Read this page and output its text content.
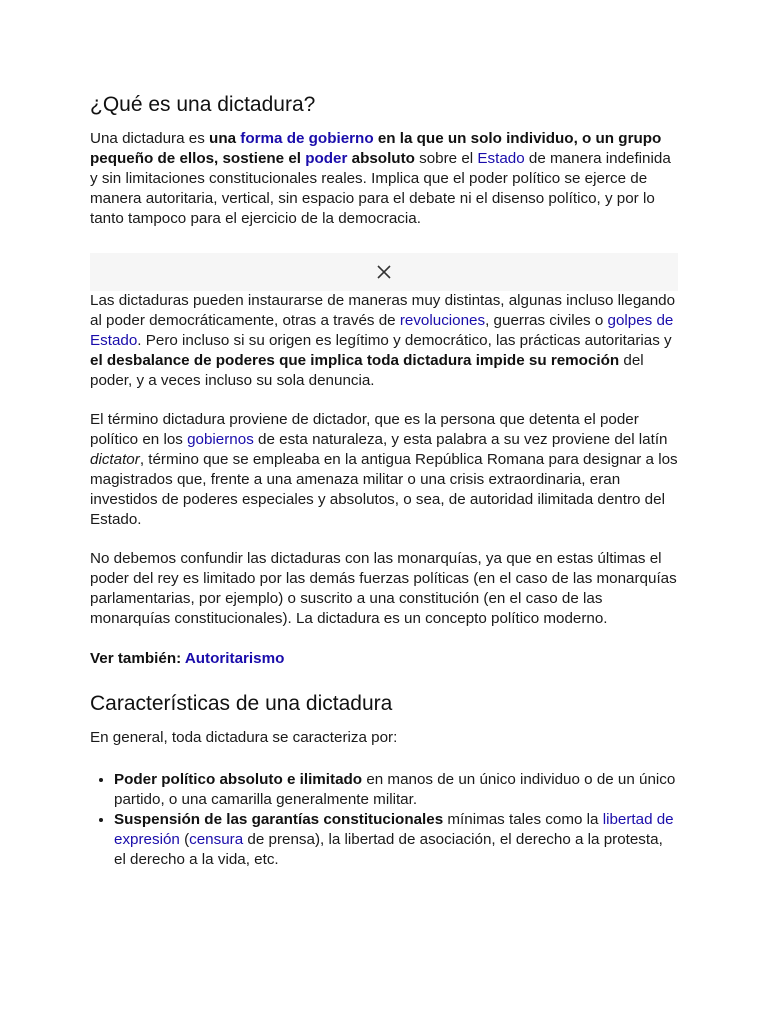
¿Qué es una dictadura?

Una dictadura es una forma de gobierno en la que un solo individuo, o un grupo pequeño de ellos, sostiene el poder absoluto sobre el Estado de manera indefinida y sin limitaciones constitucionales reales. Implica que el poder político se ejerce de manera autoritaria, vertical, sin espacio para el debate ni el disenso político, y por lo tanto tampoco para el ejercicio de la democracia.

Las dictaduras pueden instaurarse de maneras muy distintas, algunas incluso llegando al poder democráticamente, otras a través de revoluciones, guerras civiles o golpes de Estado. Pero incluso si su origen es legítimo y democrático, las prácticas autoritarias y el desbalance de poderes que implica toda dictadura impide su remoción del poder, y a veces incluso su sola denuncia.

El término dictadura proviene de dictador, que es la persona que detenta el poder político en los gobiernos de esta naturaleza, y esta palabra a su vez proviene del latín dictator, término que se empleaba en la antigua República Romana para designar a los magistrados que, frente a una amenaza militar o una crisis extraordinaria, eran investidos de poderes especiales y absolutos, o sea, de autoridad ilimitada dentro del Estado.

No debemos confundir las dictaduras con las monarquías, ya que en estas últimas el poder del rey es limitado por las demás fuerzas políticas (en el caso de las monarquías parlamentarias, por ejemplo) o suscrito a una constitución (en el caso de las monarquías constitucionales). La dictadura es un concepto político moderno.

Ver también: Autoritarismo

Características de una dictadura

En general, toda dictadura se caracteriza por:

• Poder político absoluto e ilimitado en manos de un único individuo o de un único partido, o una camarilla generalmente militar.
• Suspensión de las garantías constitucionales mínimas tales como la libertad de expresión (censura de prensa), la libertad de asociación, el derecho a la protesta, el derecho a la vida, etc.
